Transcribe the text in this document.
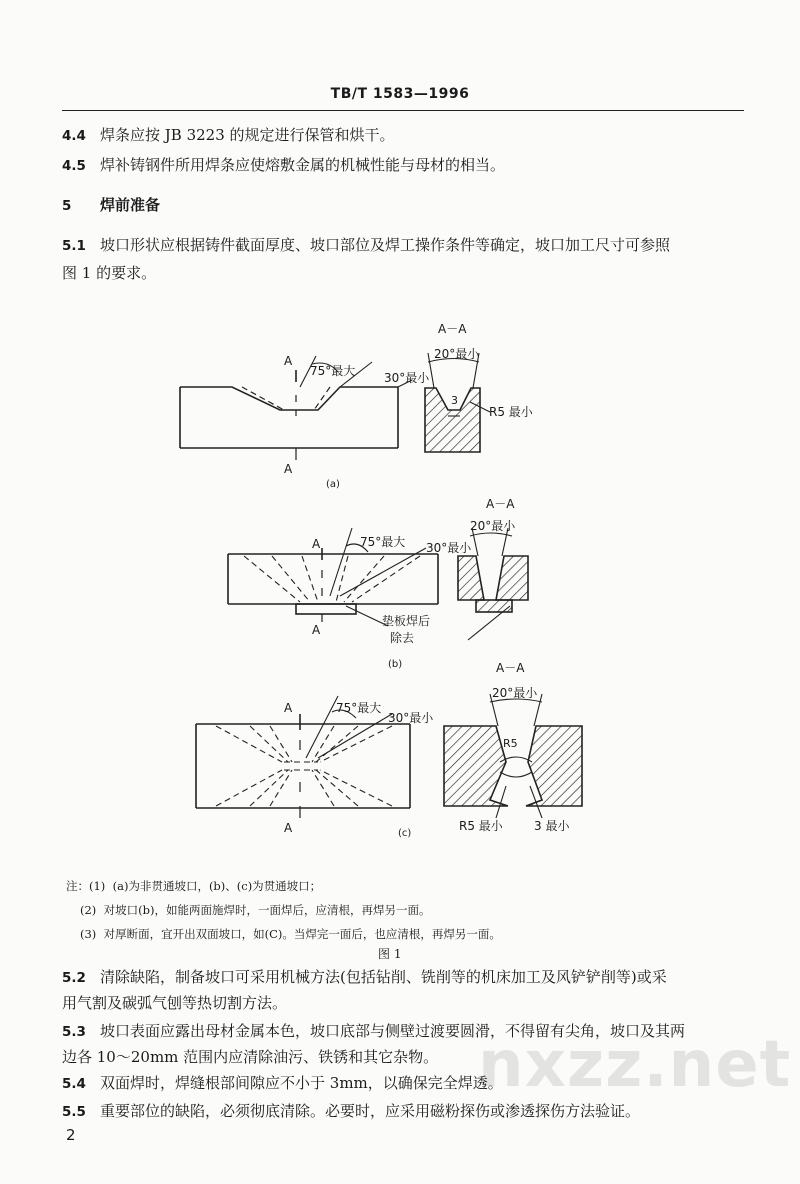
TB/T 1583—1996
4.4 焊条应按 JB 3223 的规定进行保管和烘干。
4.5 焊补铸钢件所用焊条应使熔敷金属的机械性能与母材的相当。
5 焊前准备
5.1 坡口形状应根据铸件截面厚度、坡口部位及焊工操作条件等确定，坡口加工尺寸可参照
图 1 的要求。
A
A
75°最大 30°最小
A－A
20°最小
3
R5 最小
(a)
A
A
75°最大 30°最小
垫板焊后
除去
A－A
20°最小
(b)
A
A
75°最大
30°最小
A－A
20°最小
R5
R5 最小	3 最小
(c)
注：(1) (a)为非贯通坡口，(b)、(c)为贯通坡口；
(2) 对坡口(b)，如能两面施焊时，一面焊后，应清根，再焊另一面。
(3) 对厚断面，宜开出双面坡口，如(C)。当焊完一面后，也应清根，再焊另一面。
图 1
5.2 清除缺陷，制备坡口可采用机械方法(包括钻削、铣削等的机床加工及风铲铲削等)或采
用气割及碳弧气刨等热切割方法。
5.3 坡口表面应露出母材金属本色，坡口底部与侧壁过渡要圆滑，不得留有尖角，坡口及其两
边各 10～20mm 范围内应清除油污、铁锈和其它杂物。
5.4 双面焊时，焊缝根部间隙应不小于 3mm，以确保完全焊透。
5.5 重要部位的缺陷，必须彻底清除。必要时，应采用磁粉探伤或渗透探伤方法验证。
nxzz.net
2
